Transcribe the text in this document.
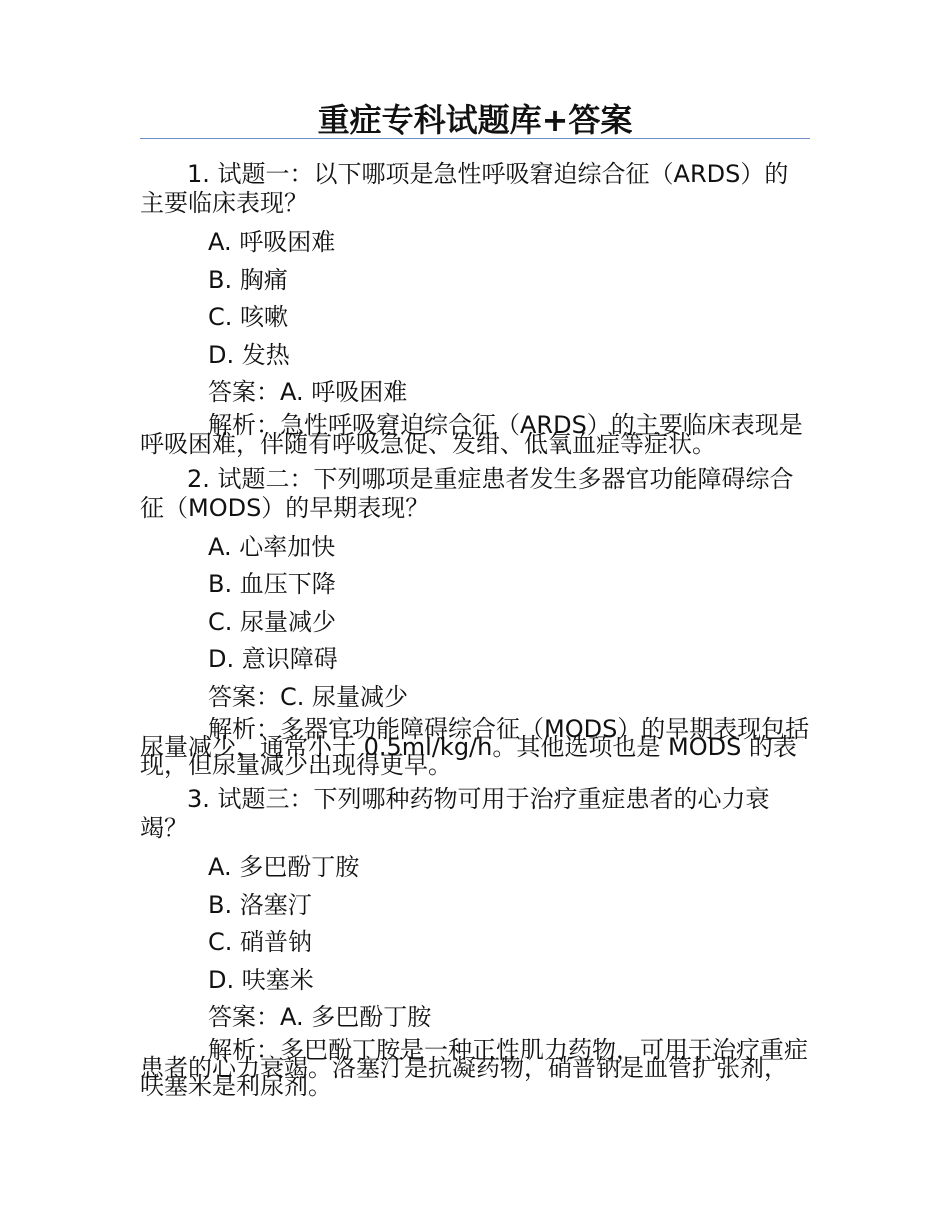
重症专科试题库+答案

1. 试题一：以下哪项是急性呼吸窘迫综合征（ARDS）的主要临床表现？

A. 呼吸困难

B. 胸痛

C. 咳嗽

D. 发热

答案：A. 呼吸困难

解析：急性呼吸窘迫综合征（ARDS）的主要临床表现是呼吸困难，伴随有呼吸急促、发绀、低氧血症等症状。

2. 试题二：下列哪项是重症患者发生多器官功能障碍综合征（MODS）的早期表现？

A. 心率加快

B. 血压下降

C. 尿量减少

D. 意识障碍

答案：C. 尿量减少

解析：多器官功能障碍综合征（MODS）的早期表现包括尿量减少，通常小于 0.5ml/kg/h。其他选项也是 MODS 的表现，但尿量减少出现得更早。

3. 试题三：下列哪种药物可用于治疗重症患者的心力衰竭？

A. 多巴酚丁胺

B. 洛塞汀

C. 硝普钠

D. 呋塞米

答案：A. 多巴酚丁胺

解析：多巴酚丁胺是一种正性肌力药物，可用于治疗重症患者的心力衰竭。洛塞汀是抗凝药物，硝普钠是血管扩张剂，呋塞米是利尿剂。
